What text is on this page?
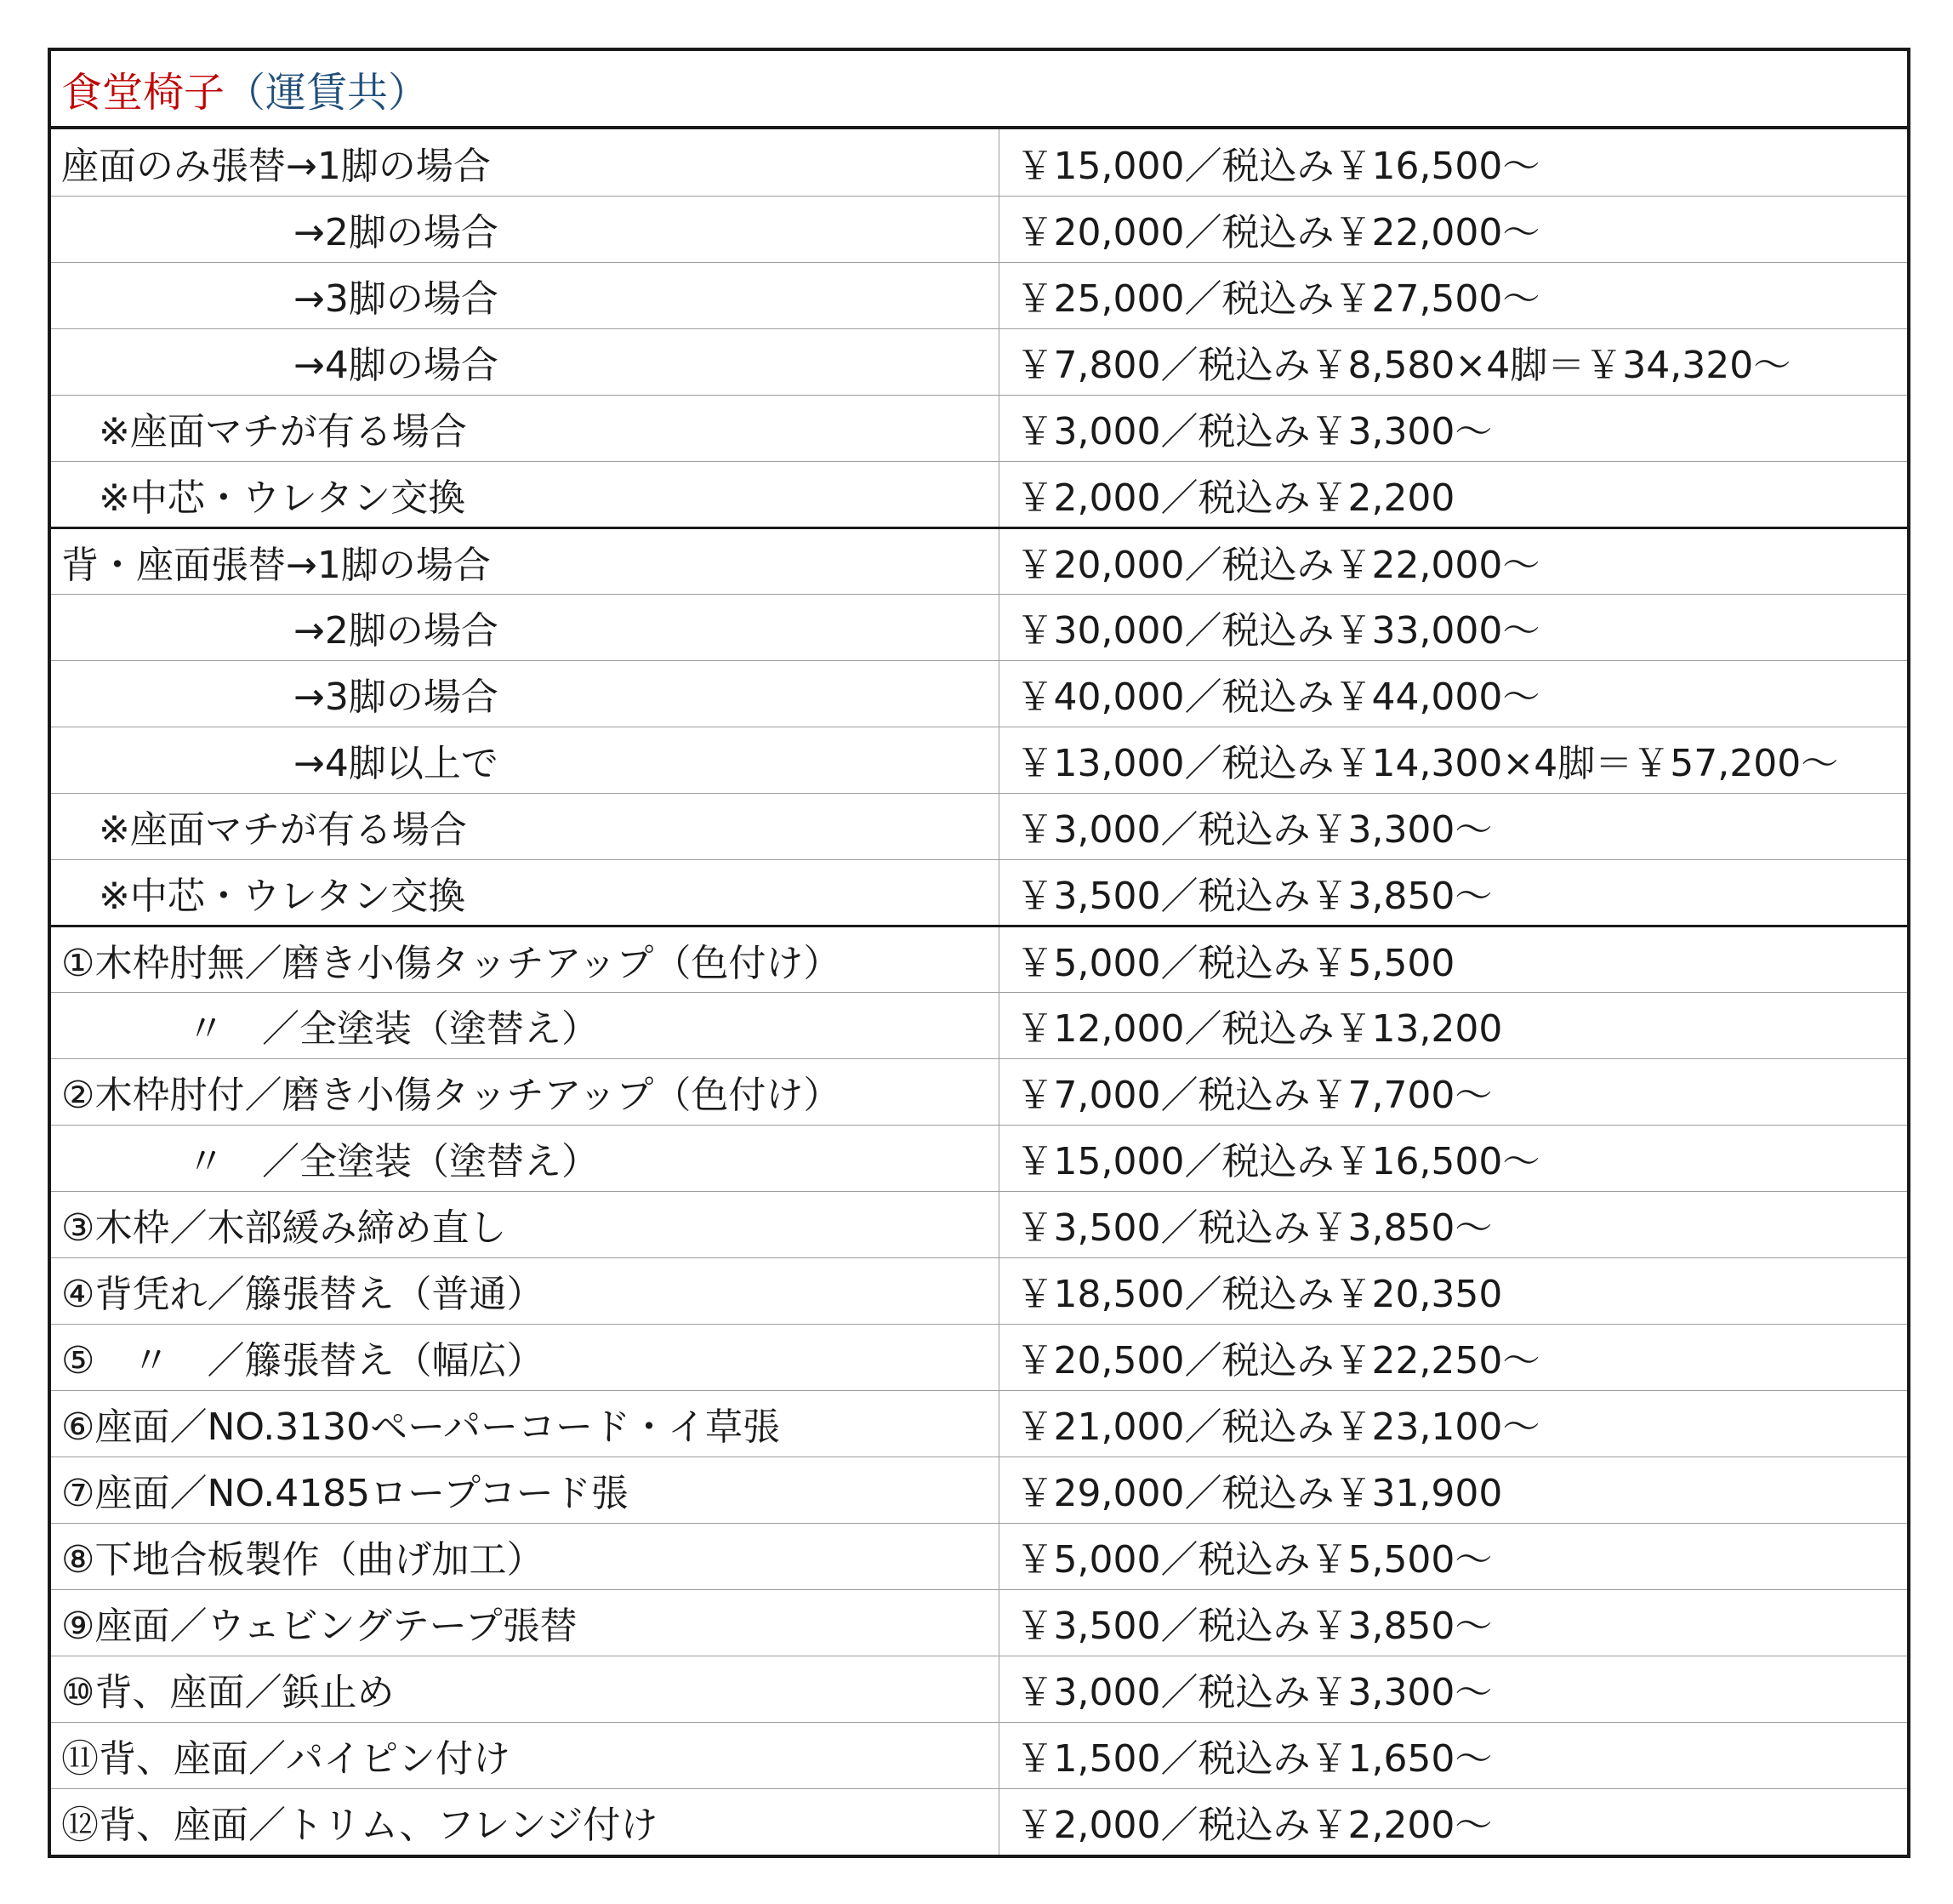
食堂椅子 （運賃共）
座面のみ張替→1脚の場合	￥15,000／税込み￥16,500～
→2脚の場合	￥20,000／税込み￥22,000～
→3脚の場合	￥25,000／税込み￥27,500～
→4脚の場合	￥7,800／税込み￥8,580×4脚＝￥34,320～
※座面マチが有る場合	￥3,000／税込み￥3,300～
※中芯・ウレタン交換	￥2,000／税込み￥2,200
背・座面張替→1脚の場合	￥20,000／税込み￥22,000～
→2脚の場合	￥30,000／税込み￥33,000～
→3脚の場合	￥40,000／税込み￥44,000～
→4脚以上で	￥13,000／税込み￥14,300×4脚＝￥57,200～
※座面マチが有る場合	￥3,000／税込み￥3,300～
※中芯・ウレタン交換	￥3,500／税込み￥3,850～
①木枠肘無／磨き小傷タッチアップ（色付け）	￥5,000／税込み￥5,500
〃　／全塗装（塗替え）	￥12,000／税込み￥13,200
②木枠肘付／磨き小傷タッチアップ（色付け）	￥7,000／税込み￥7,700～
〃　／全塗装（塗替え）	￥15,000／税込み￥16,500～
③木枠／木部緩み締め直し	￥3,500／税込み￥3,850～
④背凭れ／籐張替え（普通）	￥18,500／税込み￥20,350
⑤　〃　／籐張替え（幅広）	￥20,500／税込み￥22,250～
⑥座面／NO.3130ペーパーコード・イ草張	￥21,000／税込み￥23,100～
⑦座面／NO.4185ロープコード張	￥29,000／税込み￥31,900
⑧下地合板製作（曲げ加工）	￥5,000／税込み￥5,500～
⑨座面／ウェビングテープ張替	￥3,500／税込み￥3,850～
⑩背、座面／鋲止め	￥3,000／税込み￥3,300～
⑪背、座面／パイピン付け	￥1,500／税込み￥1,650～
⑫背、座面／トリム、フレンジ付け	￥2,000／税込み￥2,200～
